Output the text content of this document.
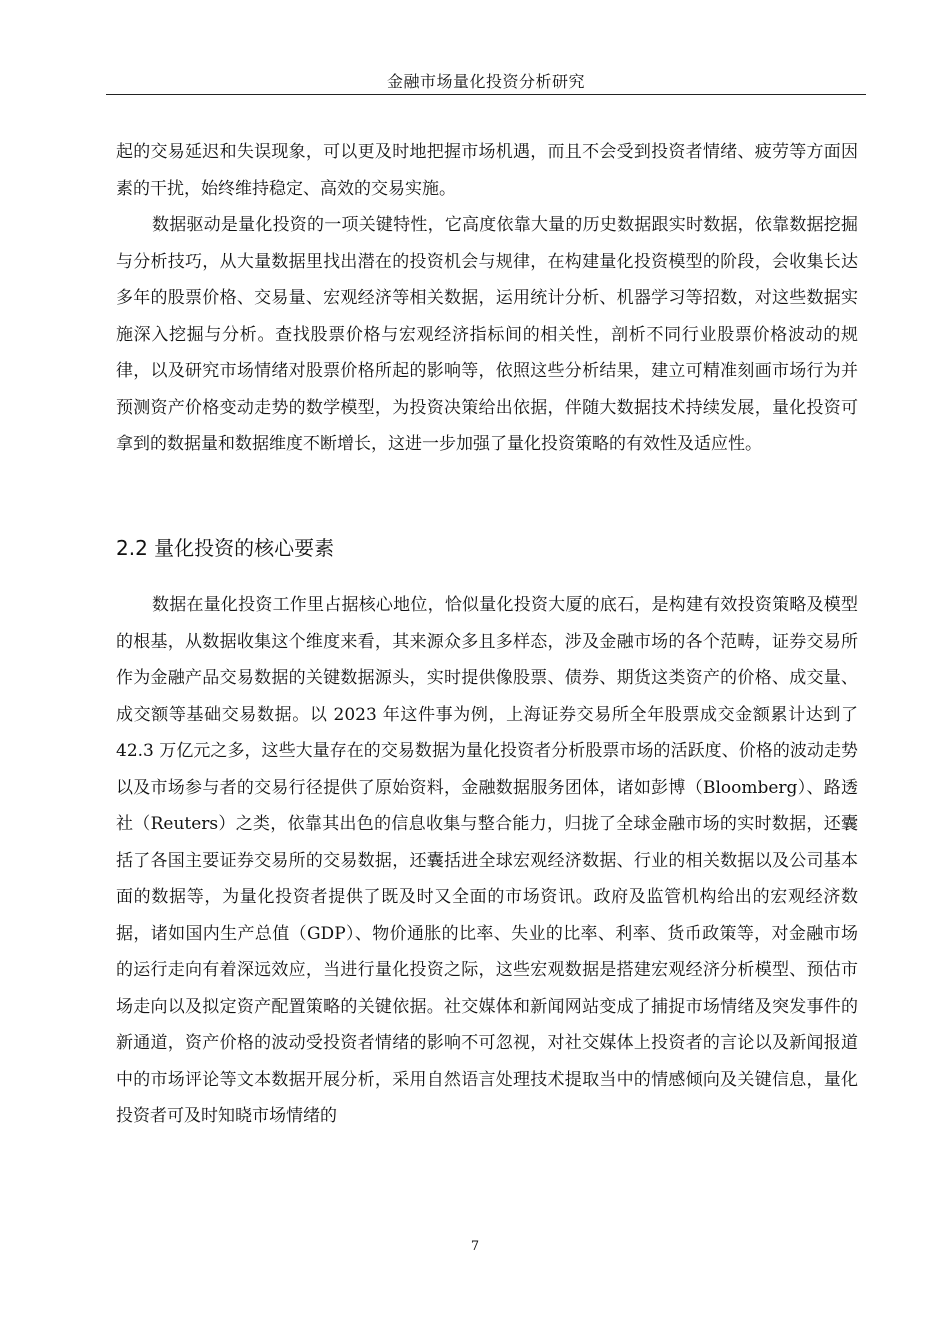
金融市场量化投资分析研究

起的交易延迟和失误现象，可以更及时地把握市场机遇，而且不会受到投资者情绪、疲劳等方面因素的干扰，始终维持稳定、高效的交易实施。

数据驱动是量化投资的一项关键特性，它高度依靠大量的历史数据跟实时数据，依靠数据挖掘与分析技巧，从大量数据里找出潜在的投资机会与规律，在构建量化投资模型的阶段，会收集长达多年的股票价格、交易量、宏观经济等相关数据，运用统计分析、机器学习等招数，对这些数据实施深入挖掘与分析。查找股票价格与宏观经济指标间的相关性，剖析不同行业股票价格波动的规律，以及研究市场情绪对股票价格所起的影响等，依照这些分析结果，建立可精准刻画市场行为并预测资产价格变动走势的数学模型，为投资决策给出依据，伴随大数据技术持续发展，量化投资可拿到的数据量和数据维度不断增长，这进一步加强了量化投资策略的有效性及适应性。

2.2 量化投资的核心要素

数据在量化投资工作里占据核心地位，恰似量化投资大厦的底石，是构建有效投资策略及模型的根基，从数据收集这个维度来看，其来源众多且多样态，涉及金融市场的各个范畴，证券交易所作为金融产品交易数据的关键数据源头，实时提供像股票、债券、期货这类资产的价格、成交量、成交额等基础交易数据。以 2023 年这件事为例，上海证券交易所全年股票成交金额累计达到了 42.3 万亿元之多，这些大量存在的交易数据为量化投资者分析股票市场的活跃度、价格的波动走势以及市场参与者的交易行径提供了原始资料，金融数据服务团体，诸如彭博（Bloomberg）、路透社（Reuters）之类，依靠其出色的信息收集与整合能力，归拢了全球金融市场的实时数据，还囊括了各国主要证券交易所的交易数据，还囊括进全球宏观经济数据、行业的相关数据以及公司基本面的数据等，为量化投资者提供了既及时又全面的市场资讯。政府及监管机构给出的宏观经济数据，诸如国内生产总值（GDP）、物价通胀的比率、失业的比率、利率、货币政策等，对金融市场的运行走向有着深远效应，当进行量化投资之际，这些宏观数据是搭建宏观经济分析模型、预估市场走向以及拟定资产配置策略的关键依据。社交媒体和新闻网站变成了捕捉市场情绪及突发事件的新通道，资产价格的波动受投资者情绪的影响不可忽视，对社交媒体上投资者的言论以及新闻报道中的市场评论等文本数据开展分析，采用自然语言处理技术提取当中的情感倾向及关键信息，量化投资者可及时知晓市场情绪的

7
